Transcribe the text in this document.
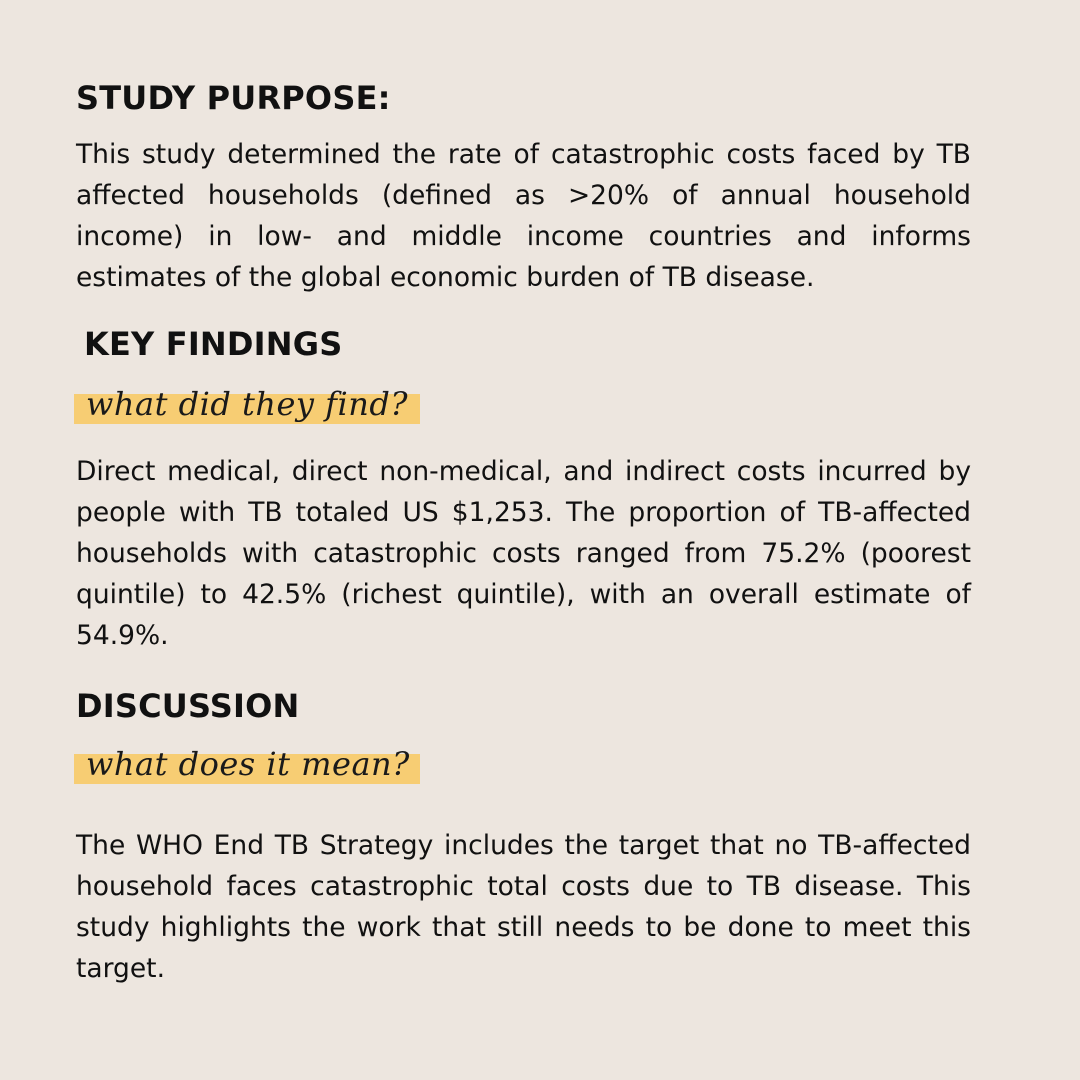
STUDY PURPOSE:

This study determined the rate of catastrophic costs faced by TB affected households (defined as >20% of annual household income) in low- and middle income countries and informs estimates of the global economic burden of TB disease.

KEY FINDINGS

what did they find?

Direct medical, direct non-medical, and indirect costs incurred by people with TB totaled US $1,253. The proportion of TB-affected households with catastrophic costs ranged from 75.2% (poorest quintile) to 42.5% (richest quintile), with an overall estimate of 54.9%.

DISCUSSION

what does it mean?

The WHO End TB Strategy includes the target that no TB-affected household faces catastrophic total costs due to TB disease. This study highlights the work that still needs to be done to meet this target.
